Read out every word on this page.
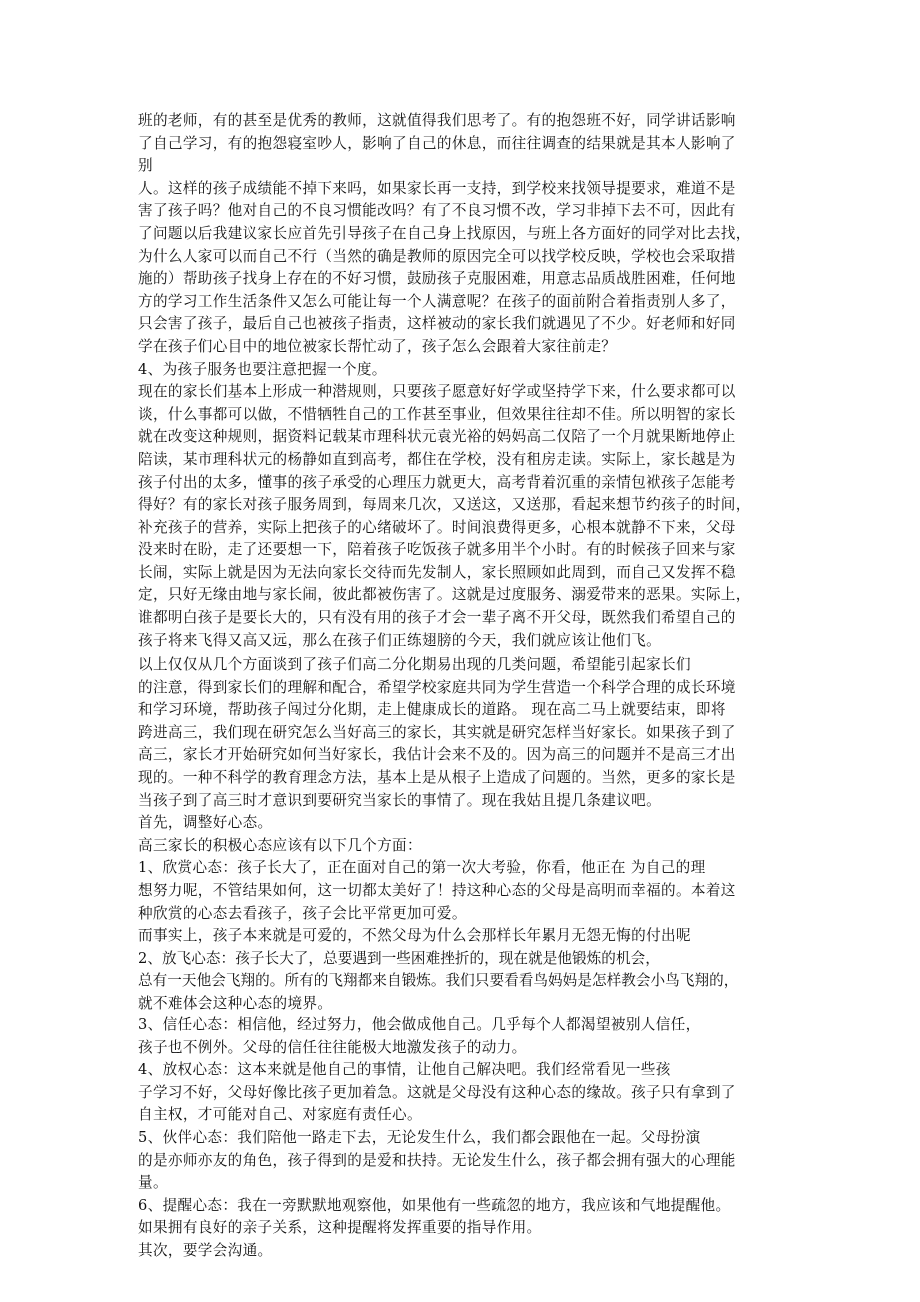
班的老师，有的甚至是优秀的教师，这就值得我们思考了。有的抱怨班不好，同学讲话影响
了自己学习，有的抱怨寝室吵人，影响了自己的休息，而往往调查的结果就是其本人影响了
别
人。这样的孩子成绩能不掉下来吗，如果家长再一支持，到学校来找领导提要求，难道不是
害了孩子吗？他对自己的不良习惯能改吗？有了不良习惯不改，学习非掉下去不可，因此有
了问题以后我建议家长应首先引导孩子在自己身上找原因，与班上各方面好的同学对比去找，
为什么人家可以而自己不行（当然的确是教师的原因完全可以找学校反映，学校也会采取措
施的）帮助孩子找身上存在的不好习惯，鼓励孩子克服困难，用意志品质战胜困难，任何地
方的学习工作生活条件又怎么可能让每一个人满意呢？在孩子的面前附合着指责别人多了，
只会害了孩子，最后自己也被孩子指责，这样被动的家长我们就遇见了不少。好老师和好同
学在孩子们心目中的地位被家长帮忙动了，孩子怎么会跟着大家往前走？
4、为孩子服务也要注意把握一个度。
现在的家长们基本上形成一种潜规则，只要孩子愿意好好学或坚持学下来，什么要求都可以
谈，什么事都可以做，不惜牺牲自己的工作甚至事业，但效果往往却不佳。所以明智的家长
就在改变这种规则，据资料记载某市理科状元袁光裕的妈妈高二仅陪了一个月就果断地停止
陪读，某市理科状元的杨静如直到高考，都住在学校，没有租房走读。实际上，家长越是为
孩子付出的太多，懂事的孩子承受的心理压力就更大，高考背着沉重的亲情包袱孩子怎能考
得好？有的家长对孩子服务周到，每周来几次，又送这，又送那，看起来想节约孩子的时间，
补充孩子的营养，实际上把孩子的心绪破坏了。时间浪费得更多，心根本就静不下来，父母
没来时在盼，走了还要想一下，陪着孩子吃饭孩子就多用半个小时。有的时候孩子回来与家
长闹，实际上就是因为无法向家长交待而先发制人，家长照顾如此周到，而自己又发挥不稳
定，只好无缘由地与家长闹，彼此都被伤害了。这就是过度服务、溺爱带来的恶果。实际上，
谁都明白孩子是要长大的，只有没有用的孩子才会一辈子离不开父母，既然我们希望自己的
孩子将来飞得又高又远，那么在孩子们正练翅膀的今天，我们就应该让他们飞。
以上仅仅从几个方面谈到了孩子们高二分化期易出现的几类问题，希望能引起家长们
的注意，得到家长们的理解和配合，希望学校家庭共同为学生营造一个科学合理的成长环境
和学习环境，帮助孩子闯过分化期，走上健康成长的道路。 现在高二马上就要结束，即将
跨进高三，我们现在研究怎么当好高三的家长，其实就是研究怎样当好家长。如果孩子到了
高三，家长才开始研究如何当好家长，我估计会来不及的。因为高三的问题并不是高三才出
现的。一种不科学的教育理念方法，基本上是从根子上造成了问题的。当然，更多的家长是
当孩子到了高三时才意识到要研究当家长的事情了。现在我姑且提几条建议吧。
首先，调整好心态。
高三家长的积极心态应该有以下几个方面：
1、欣赏心态：孩子长大了，正在面对自己的第一次大考验，你看，他正在 为自己的理
想努力呢，不管结果如何，这一切都太美好了！持这种心态的父母是高明而幸福的。本着这
种欣赏的心态去看孩子，孩子会比平常更加可爱。
而事实上，孩子本来就是可爱的，不然父母为什么会那样长年累月无怨无悔的付出呢
2、放飞心态：孩子长大了，总要遇到一些困难挫折的，现在就是他锻炼的机会，
总有一天他会飞翔的。所有的飞翔都来自锻炼。我们只要看看鸟妈妈是怎样教会小鸟飞翔的，
就不难体会这种心态的境界。
3、信任心态：相信他，经过努力，他会做成他自己。几乎每个人都渴望被别人信任，
孩子也不例外。父母的信任往往能极大地激发孩子的动力。
4、放权心态：这本来就是他自己的事情，让他自己解决吧。我们经常看见一些孩
子学习不好，父母好像比孩子更加着急。这就是父母没有这种心态的缘故。孩子只有拿到了
自主权，才可能对自己、对家庭有责任心。
5、伙伴心态：我们陪他一路走下去，无论发生什么，我们都会跟他在一起。父母扮演
的是亦师亦友的角色，孩子得到的是爱和扶持。无论发生什么，孩子都会拥有强大的心理能
量。
6、提醒心态：我在一旁默默地观察他，如果他有一些疏忽的地方，我应该和气地提醒他。
如果拥有良好的亲子关系，这种提醒将发挥重要的指导作用。
其次，要学会沟通。
